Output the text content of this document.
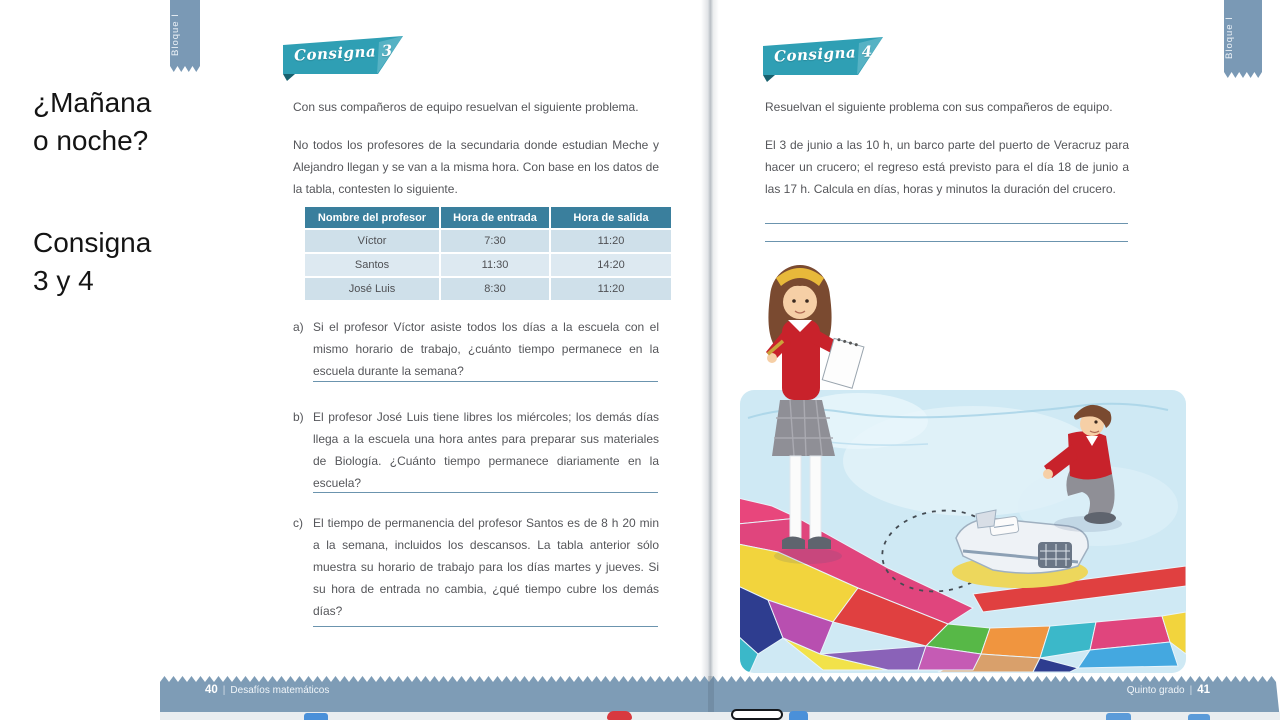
¿Mañana
o noche?
Consigna
3 y 4
Bloque I	Bloque I
Consigna 3	Consigna 4
Con sus compañeros de equipo resuelvan el siguiente problema.
No todos los profesores de la secundaria donde estudian Meche y Alejandro llegan y se van a la misma hora. Con base en los datos de la tabla, contesten lo siguiente.
Nombre del profesor	Hora de entrada	Hora de salida
Víctor	7:30	11:20
Santos	11:30	14:20
José Luis	8:30	11:20
a) Si el profesor Víctor asiste todos los días a la escuela con el mismo horario de trabajo, ¿cuánto tiempo permanece en la escuela durante la semana?
b) El profesor José Luis tiene libres los miércoles; los demás días llega a la escuela una hora antes para preparar sus materiales de Biología. ¿Cuánto tiempo permanece diariamente en la escuela?
c) El tiempo de permanencia del profesor Santos es de 8 h 20 min a la semana, incluidos los descansos. La tabla anterior sólo muestra su horario de trabajo para los días martes y jueves. Si su hora de entrada no cambia, ¿qué tiempo cubre los demás días?
Resuelvan el siguiente problema con sus compañeros de equipo.
El 3 de junio a las 10 h, un barco parte del puerto de Veracruz para hacer un crucero; el regreso está previsto para el día 18 de junio a las 17 h. Calcula en días, horas y minutos la duración del crucero.
40 | Desafíos matemáticos	Quinto grado | 41
